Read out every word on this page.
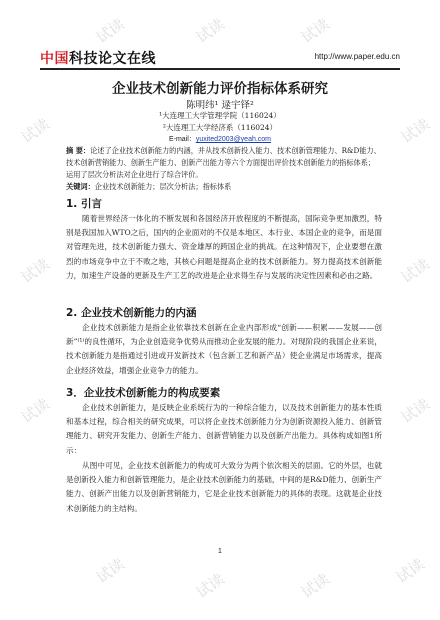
试读	试读	试读
试读	试读
试读	试读
试读	试读
试读	试读	试读	试读
中国科技论文在线	http://www.paper.edu.cn
企业技术创新能力评价指标体系研究
陈明纬¹ 逯宇铎²
¹大连理工大学管理学院（116024）
²大连理工大学经济系（116024）
E-mail：yuxited2003@yeah.com
摘 要：论述了企业技术创新能力的内涵，并从技术创新投入能力、技术创新管理能力、R&D能力、技术创新营销能力、创新生产能力、创新产出能力等六个方面提出评价技术创新能力的指标体系；运用了层次分析法对企业进行了综合评价。
关键词：企业技术创新能力；层次分析法；指标体系
1. 引言
随着世界经济一体化的不断发展和各国经济开放程度的不断提高，国际竞争更加激烈，特别是我国加入WTO之后，国内的企业面对的不仅是本地区、本行业、本国企业的竞争，而是面对管理先进，技术创新能力强大、资金雄厚的跨国企业的挑战。在这种情况下，企业要想在激烈的市场竞争中立于不败之地，其核心问题是提高企业的技术创新能力。努力提高技术创新能力，加速生产设备的更新及生产工艺的改进是企业求得生存与发展的决定性因素和必由之路。
2. 企业技术创新能力的内涵
企业技术创新能力是指企业依靠技术创新在企业内部形成“创新——积累——发展——创新”⁽¹⁾的良性循环，为企业创造竞争优势从而推动企业发展的能力。对现阶段的我国企业来说，技术创新能力是指通过引进或开发新技术（包含新工艺和新产品）使企业满足市场需求，提高企业经济效益，增强企业竞争力的能力。
3．企业技术创新能力的构成要素
企业技术创新能力，是反映企业系统行为的一种综合能力，以及技术创新能力的基本性质和基本过程，综合相关的研究成果，可以将企业技术创新能力分为创新资源投入能力、创新管理能力、研究开发能力、创新生产能力、创新营销能力以及创新产出能力。具体构成如图1所示：
从图中可见，企业技术创新能力的构成可大致分为两个依次相关的层面。它的外层，也就是创新投入能力和创新管理能力，是企业技术创新能力的基础，中间的是R&D能力、创新生产能力、创新产出能力以及创新营销能力，它是企业技术创新能力的具体的表现。这就是企业技术创新能力的主结构。
1
